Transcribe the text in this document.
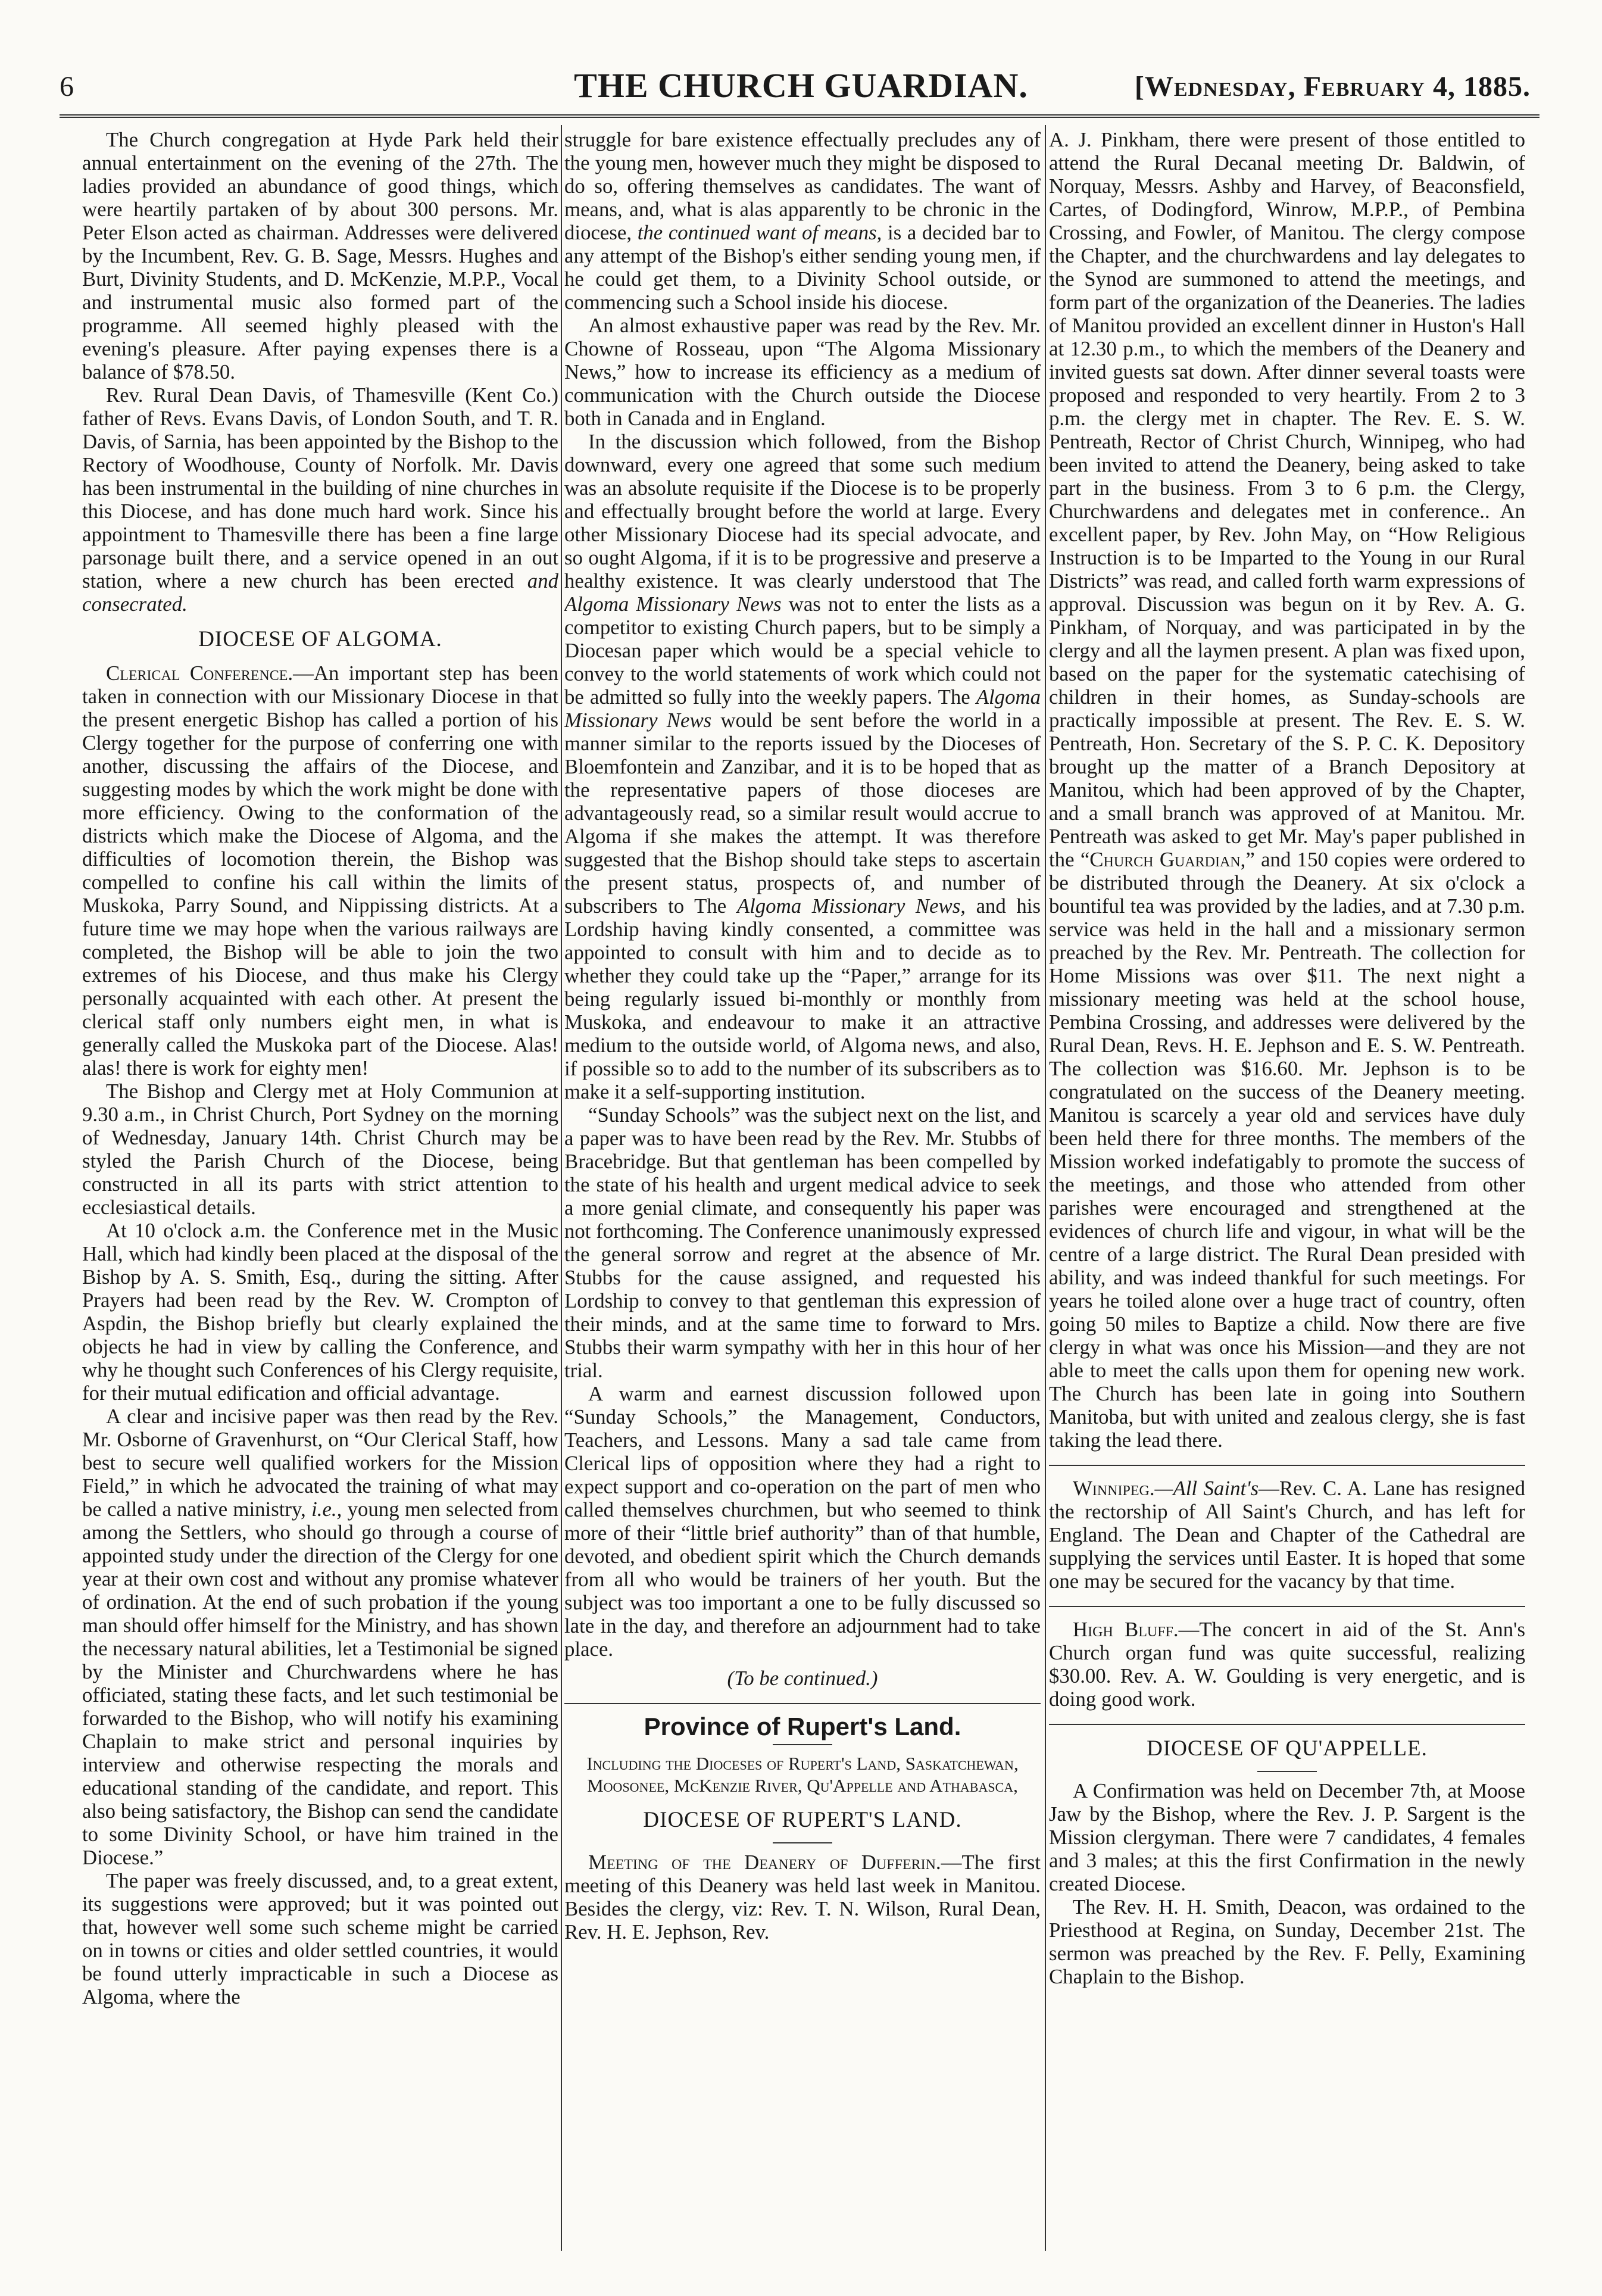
6	THE CHURCH GUARDIAN.	[Wednesday, February 4, 1885.

The Church congregation at Hyde Park held their annual entertainment on the evening of the 27th. The ladies provided an abundance of good things, which were heartily partaken of by about 300 persons. Mr. Peter Elson acted as chairman. Addresses were delivered by the Incumbent, Rev. G. B. Sage, Messrs. Hughes and Burt, Divinity Students, and D. McKenzie, M.P.P., Vocal and instrumental music also formed part of the programme. All seemed highly pleased with the evening's pleasure. After paying expenses there is a balance of $78.50.

Rev. Rural Dean Davis, of Thamesville (Kent Co.) father of Revs. Evans Davis, of London South, and T. R. Davis, of Sarnia, has been appointed by the Bishop to the Rectory of Woodhouse, County of Norfolk. Mr. Davis has been instrumental in the building of nine churches in this Diocese, and has done much hard work. Since his appointment to Thamesville there has been a fine large parsonage built there, and a service opened in an out station, where a new church has been erected and consecrated.

DIOCESE OF ALGOMA.

Clerical Conference.—An important step has been taken in connection with our Missionary Diocese in that the present energetic Bishop has called a portion of his Clergy together for the purpose of conferring one with another, discussing the affairs of the Diocese, and suggesting modes by which the work might be done with more efficiency. Owing to the conformation of the districts which make the Diocese of Algoma, and the difficulties of locomotion therein, the Bishop was compelled to confine his call within the limits of Muskoka, Parry Sound, and Nippissing districts. At a future time we may hope when the various railways are completed, the Bishop will be able to join the two extremes of his Diocese, and thus make his Clergy personally acquainted with each other. At present the clerical staff only numbers eight men, in what is generally called the Muskoka part of the Diocese. Alas! alas! there is work for eighty men!

The Bishop and Clergy met at Holy Communion at 9.30 a.m., in Christ Church, Port Sydney on the morning of Wednesday, January 14th. Christ Church may be styled the Parish Church of the Diocese, being constructed in all its parts with strict attention to ecclesiastical details.

At 10 o'clock a.m. the Conference met in the Music Hall, which had kindly been placed at the disposal of the Bishop by A. S. Smith, Esq., during the sitting. After Prayers had been read by the Rev. W. Crompton of Aspdin, the Bishop briefly but clearly explained the objects he had in view by calling the Conference, and why he thought such Conferences of his Clergy requisite, for their mutual edification and official advantage.

A clear and incisive paper was then read by the Rev. Mr. Osborne of Gravenhurst, on “Our Clerical Staff, how best to secure well qualified workers for the Mission Field,” in which he advocated the training of what may be called a native ministry, i.e., young men selected from among the Settlers, who should go through a course of appointed study under the direction of the Clergy for one year at their own cost and without any promise whatever of ordination. At the end of such probation if the young man should offer himself for the Ministry, and has shown the necessary natural abilities, let a Testimonial be signed by the Minister and Churchwardens where he has officiated, stating these facts, and let such testimonial be forwarded to the Bishop, who will notify his examining Chaplain to make strict and personal inquiries by interview and otherwise respecting the morals and educational standing of the candidate, and report. This also being satisfactory, the Bishop can send the candidate to some Divinity School, or have him trained in the Diocese.”

The paper was freely discussed, and, to a great extent, its suggestions were approved; but it was pointed out that, however well some such scheme might be carried on in towns or cities and older settled countries, it would be found utterly impracticable in such a Diocese as Algoma, where the

struggle for bare existence effectually precludes any of the young men, however much they might be disposed to do so, offering themselves as candidates. The want of means, and, what is alas apparently to be chronic in the diocese, the continued want of means, is a decided bar to any attempt of the Bishop's either sending young men, if he could get them, to a Divinity School outside, or commencing such a School inside his diocese.

An almost exhaustive paper was read by the Rev. Mr. Chowne of Rosseau, upon “The Algoma Missionary News,” how to increase its efficiency as a medium of communication with the Church outside the Diocese both in Canada and in England.

In the discussion which followed, from the Bishop downward, every one agreed that some such medium was an absolute requisite if the Diocese is to be properly and effectually brought before the world at large. Every other Missionary Diocese had its special advocate, and so ought Algoma, if it is to be progressive and preserve a healthy existence. It was clearly understood that The Algoma Missionary News was not to enter the lists as a competitor to existing Church papers, but to be simply a Diocesan paper which would be a special vehicle to convey to the world statements of work which could not be admitted so fully into the weekly papers. The Algoma Missionary News would be sent before the world in a manner similar to the reports issued by the Dioceses of Bloemfontein and Zanzibar, and it is to be hoped that as the representative papers of those dioceses are advantageously read, so a similar result would accrue to Algoma if she makes the attempt. It was therefore suggested that the Bishop should take steps to ascertain the present status, prospects of, and number of subscribers to The Algoma Missionary News, and his Lordship having kindly consented, a committee was appointed to consult with him and to decide as to whether they could take up the “Paper,” arrange for its being regularly issued bi-monthly or monthly from Muskoka, and endeavour to make it an attractive medium to the outside world, of Algoma news, and also, if possible so to add to the number of its subscribers as to make it a self-supporting institution.

“Sunday Schools” was the subject next on the list, and a paper was to have been read by the Rev. Mr. Stubbs of Bracebridge. But that gentleman has been compelled by the state of his health and urgent medical advice to seek a more genial climate, and consequently his paper was not forthcoming. The Conference unanimously expressed the general sorrow and regret at the absence of Mr. Stubbs for the cause assigned, and requested his Lordship to convey to that gentleman this expression of their minds, and at the same time to forward to Mrs. Stubbs their warm sympathy with her in this hour of her trial.

A warm and earnest discussion followed upon “Sunday Schools,” the Management, Conductors, Teachers, and Lessons. Many a sad tale came from Clerical lips of opposition where they had a right to expect support and co-operation on the part of men who called themselves churchmen, but who seemed to think more of their “little brief authority” than of that humble, devoted, and obedient spirit which the Church demands from all who would be trainers of her youth. But the subject was too important a one to be fully discussed so late in the day, and therefore an adjournment had to take place.

(To be continued.)
Province of Rupert's Land.
Including the Dioceses of Rupert's Land, Saskatchewan, Moosonee, McKenzie River, Qu'Appelle and Athabasca,
DIOCESE OF RUPERT'S LAND.

Meeting of the Deanery of Dufferin.—The first meeting of this Deanery was held last week in Manitou. Besides the clergy, viz: Rev. T. N. Wilson, Rural Dean, Rev. H. E. Jephson, Rev.

A. J. Pinkham, there were present of those entitled to attend the Rural Decanal meeting Dr. Baldwin, of Norquay, Messrs. Ashby and Harvey, of Beaconsfield, Cartes, of Dodingford, Winrow, M.P.P., of Pembina Crossing, and Fowler, of Manitou. The clergy compose the Chapter, and the churchwardens and lay delegates to the Synod are summoned to attend the meetings, and form part of the organization of the Deaneries. The ladies of Manitou provided an excellent dinner in Huston's Hall at 12.30 p.m., to which the members of the Deanery and invited guests sat down. After dinner several toasts were proposed and responded to very heartily. From 2 to 3 p.m. the clergy met in chapter. The Rev. E. S. W. Pentreath, Rector of Christ Church, Winnipeg, who had been invited to attend the Deanery, being asked to take part in the business. From 3 to 6 p.m. the Clergy, Churchwardens and delegates met in conference.. An excellent paper, by Rev. John May, on “How Religious Instruction is to be Imparted to the Young in our Rural Districts” was read, and called forth warm expressions of approval. Discussion was begun on it by Rev. A. G. Pinkham, of Norquay, and was participated in by the clergy and all the laymen present. A plan was fixed upon, based on the paper for the systematic catechising of children in their homes, as Sunday-schools are practically impossible at present. The Rev. E. S. W. Pentreath, Hon. Secretary of the S. P. C. K. Depository brought up the matter of a Branch Depository at Manitou, which had been approved of by the Chapter, and a small branch was approved of at Manitou. Mr. Pentreath was asked to get Mr. May's paper published in the “Church Guardian,” and 150 copies were ordered to be distributed through the Deanery. At six o'clock a bountiful tea was provided by the ladies, and at 7.30 p.m. service was held in the hall and a missionary sermon preached by the Rev. Mr. Pentreath. The collection for Home Missions was over $11. The next night a missionary meeting was held at the school house, Pembina Crossing, and addresses were delivered by the Rural Dean, Revs. H. E. Jephson and E. S. W. Pentreath. The collection was $16.60. Mr. Jephson is to be congratulated on the success of the Deanery meeting. Manitou is scarcely a year old and services have duly been held there for three months. The members of the Mission worked indefatigably to promote the success of the meetings, and those who attended from other parishes were encouraged and strengthened at the evidences of church life and vigour, in what will be the centre of a large district. The Rural Dean presided with ability, and was indeed thankful for such meetings. For years he toiled alone over a huge tract of country, often going 50 miles to Baptize a child. Now there are five clergy in what was once his Mission—and they are not able to meet the calls upon them for opening new work. The Church has been late in going into Southern Manitoba, but with united and zealous clergy, she is fast taking the lead there.

Winnipeg.—All Saint's—Rev. C. A. Lane has resigned the rectorship of All Saint's Church, and has left for England. The Dean and Chapter of the Cathedral are supplying the services until Easter. It is hoped that some one may be secured for the vacancy by that time.

High Bluff.—The concert in aid of the St. Ann's Church organ fund was quite successful, realizing $30.00. Rev. A. W. Goulding is very energetic, and is doing good work.

DIOCESE OF QU'APPELLE.

A Confirmation was held on December 7th, at Moose Jaw by the Bishop, where the Rev. J. P. Sargent is the Mission clergyman. There were 7 candidates, 4 females and 3 males; at this the first Confirmation in the newly created Diocese.

The Rev. H. H. Smith, Deacon, was ordained to the Priesthood at Regina, on Sunday, December 21st. The sermon was preached by the Rev. F. Pelly, Examining Chaplain to the Bishop.
